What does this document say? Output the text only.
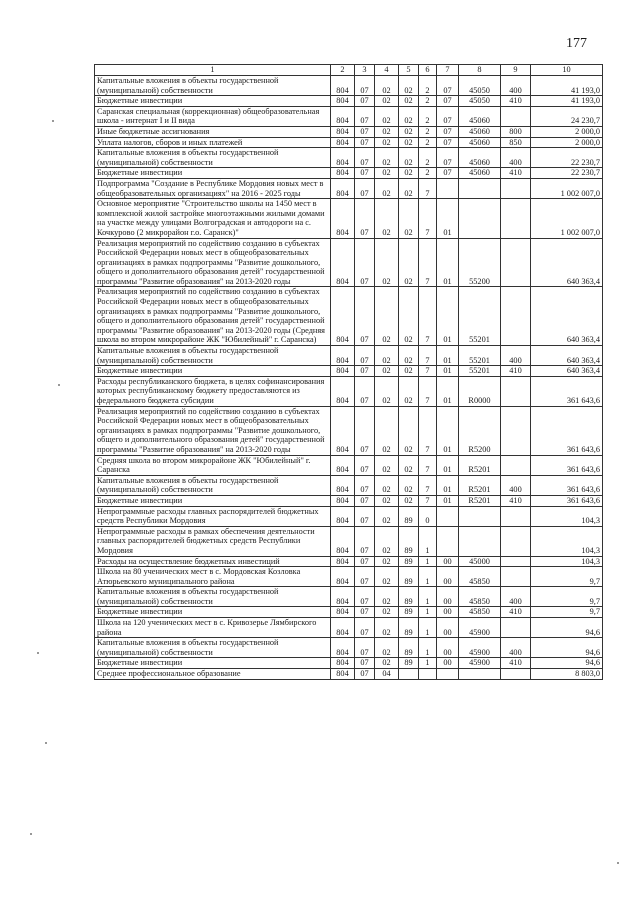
177
1	2	3	4	5	6	7	8	9	10
Капитальные вложения в объекты государственной (муниципальной) собственности	804	07	02	02	2	07	45050	400	41 193,0
Бюджетные инвестиции	804	07	02	02	2	07	45050	410	41 193,0
Саранская специальная (коррекционная) общеобразовательная школа - интернат I и II вида	804	07	02	02	2	07	45060		24 230,7
Иные бюджетные ассигнования	804	07	02	02	2	07	45060	800	2 000,0
Уплата налогов, сборов и иных платежей	804	07	02	02	2	07	45060	850	2 000,0
Капитальные вложения в объекты государственной (муниципальной) собственности	804	07	02	02	2	07	45060	400	22 230,7
Бюджетные инвестиции	804	07	02	02	2	07	45060	410	22 230,7
Подпрограмма "Создание в Республике Мордовия новых мест в общеобразовательных организациях" на 2016 - 2025 годы	804	07	02	02	7				1 002 007,0
Основное мероприятие "Строительство школы на 1450 мест в комплексной жилой застройке многоэтажными жилыми домами на участке между улицами Волгоградская и автодороги на с. Кочкурово (2 микрорайон г.о. Саранск)"	804	07	02	02	7	01			1 002 007,0
Реализация мероприятий по содействию созданию в субъектах Российской Федерации новых мест в общеобразовательных организациях в рамках подпрограммы "Развитие дошкольного, общего и дополнительного образования детей" государственной программы "Развитие образования" на 2013-2020 годы	804	07	02	02	7	01	55200		640 363,4
Реализация мероприятий по содействию созданию в субъектах Российской Федерации новых мест в общеобразовательных организациях в рамках подпрограммы "Развитие дошкольного, общего и дополнительного образования детей" государственной программы "Развитие образования" на 2013-2020 годы (Средняя школа во втором микрорайоне ЖК "Юбилейный" г. Саранска)	804	07	02	02	7	01	55201		640 363,4
Капитальные вложения в объекты государственной (муниципальной) собственности	804	07	02	02	7	01	55201	400	640 363,4
Бюджетные инвестиции	804	07	02	02	7	01	55201	410	640 363,4
Расходы республиканского бюджета, в целях софинансирования которых республиканскому бюджету предоставляются из федерального бюджета субсидии	804	07	02	02	7	01	R0000		361 643,6
Реализация мероприятий по содействию созданию в субъектах Российской Федерации новых мест в общеобразовательных организациях в рамках подпрограммы "Развитие дошкольного, общего и дополнительного образования детей" государственной программы "Развитие образования" на 2013-2020 годы	804	07	02	02	7	01	R5200		361 643,6
Средняя школа во втором микрорайоне ЖК "Юбилейный" г. Саранска	804	07	02	02	7	01	R5201		361 643,6
Капитальные вложения в объекты государственной (муниципальной) собственности	804	07	02	02	7	01	R5201	400	361 643,6
Бюджетные инвестиции	804	07	02	02	7	01	R5201	410	361 643,6
Непрограммные расходы главных распорядителей бюджетных средств Республики Мордовия	804	07	02	89	0				104,3
Непрограммные расходы в рамках обеспечения деятельности главных распорядителей бюджетных средств Республики Мордовия	804	07	02	89	1				104,3
Расходы на осуществление бюджетных инвестиций	804	07	02	89	1	00	45000		104,3
Школа на 80 ученических мест в с. Мордовская Козловка Атюрьевского муниципального района	804	07	02	89	1	00	45850		9,7
Капитальные вложения в объекты государственной (муниципальной) собственности	804	07	02	89	1	00	45850	400	9,7
Бюджетные инвестиции	804	07	02	89	1	00	45850	410	9,7
Школа на 120 ученических мест в с. Кривозерье Лямбирского района	804	07	02	89	1	00	45900		94,6
Капитальные вложения в объекты государственной (муниципальной) собственности	804	07	02	89	1	00	45900	400	94,6
Бюджетные инвестиции	804	07	02	89	1	00	45900	410	94,6
Среднее профессиональное образование	804	07	04						8 803,0
